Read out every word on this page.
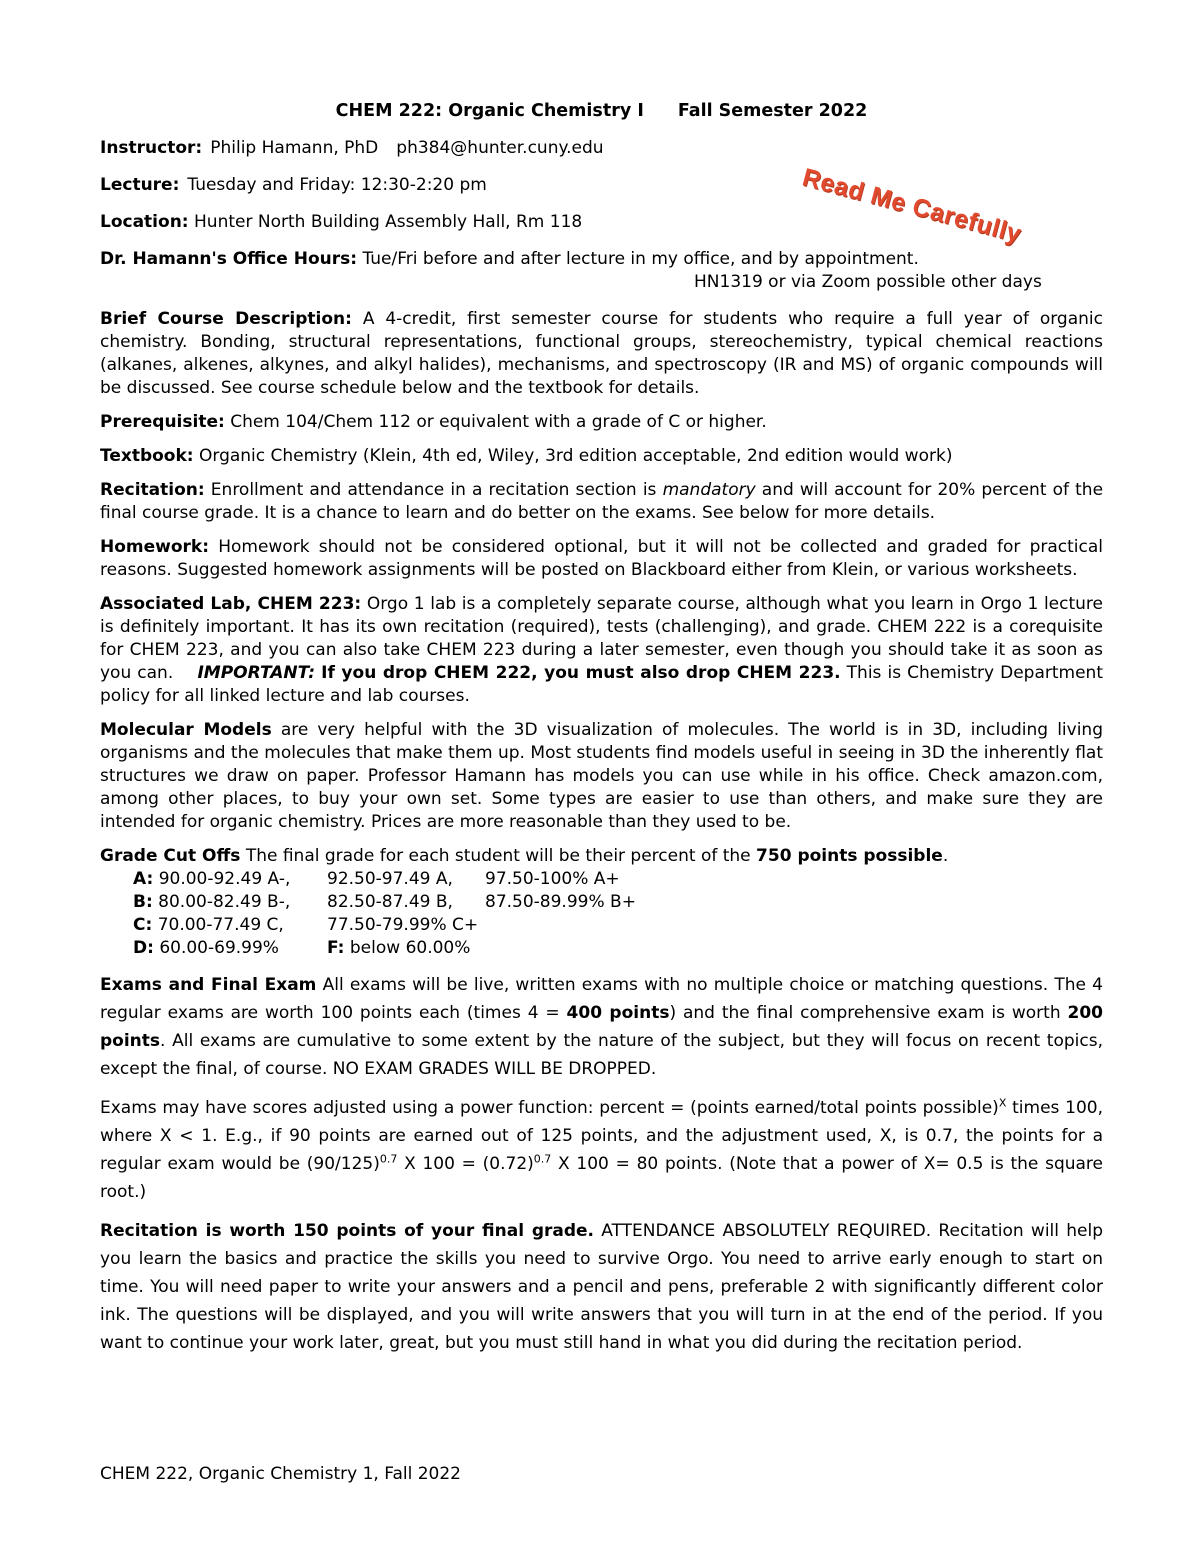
Read Me Carefully
CHEM 222: Organic Chemistry I Fall Semester 2022
Instructor: Philip Hamann, PhD ph384@hunter.cuny.edu
Lecture: Tuesday and Friday: 12:30-2:20 pm
Location: Hunter North Building Assembly Hall, Rm 118
Dr. Hamann's Office Hours: Tue/Fri before and after lecture in my office, and by appointment.
HN1319 or via Zoom possible other days

Brief Course Description: A 4-credit, first semester course for students who require a full year of organic chemistry. Bonding, structural representations, functional groups, stereochemistry, typical chemical reactions (alkanes, alkenes, alkynes, and alkyl halides), mechanisms, and spectroscopy (IR and MS) of organic compounds will be discussed. See course schedule below and the textbook for details.

Prerequisite: Chem 104/Chem 112 or equivalent with a grade of C or higher.

Textbook: Organic Chemistry (Klein, 4th ed, Wiley, 3rd edition acceptable, 2nd edition would work)

Recitation: Enrollment and attendance in a recitation section is mandatory and will account for 20% percent of the final course grade. It is a chance to learn and do better on the exams. See below for more details.

Homework: Homework should not be considered optional, but it will not be collected and graded for practical reasons. Suggested homework assignments will be posted on Blackboard either from Klein, or various worksheets.

Associated Lab, CHEM 223: Orgo 1 lab is a completely separate course, although what you learn in Orgo 1 lecture is definitely important. It has its own recitation (required), tests (challenging), and grade. CHEM 222 is a corequisite for CHEM 223, and you can also take CHEM 223 during a later semester, even though you should take it as soon as you can. IMPORTANT: If you drop CHEM 222, you must also drop CHEM 223. This is Chemistry Department policy for all linked lecture and lab courses.

Molecular Models are very helpful with the 3D visualization of molecules. The world is in 3D, including living organisms and the molecules that make them up. Most students find models useful in seeing in 3D the inherently flat structures we draw on paper. Professor Hamann has models you can use while in his office. Check amazon.com, among other places, to buy your own set. Some types are easier to use than others, and make sure they are intended for organic chemistry. Prices are more reasonable than they used to be.

Grade Cut Offs The final grade for each student will be their percent of the 750 points possible.
A: 90.00-92.49 A-,	92.50-97.49 A,	97.50-100% A+
B: 80.00-82.49 B-,	82.50-87.49 B,	87.50-89.99% B+
C: 70.00-77.49 C,	77.50-79.99% C+
D: 60.00-69.99%	F: below 60.00%

Exams and Final Exam All exams will be live, written exams with no multiple choice or matching questions. The 4 regular exams are worth 100 points each (times 4 = 400 points) and the final comprehensive exam is worth 200 points. All exams are cumulative to some extent by the nature of the subject, but they will focus on recent topics, except the final, of course. NO EXAM GRADES WILL BE DROPPED.

Exams may have scores adjusted using a power function: percent = (points earned/total points possible)$^X$ times 100, where X < 1. E.g., if 90 points are earned out of 125 points, and the adjustment used, X, is 0.7, the points for a regular exam would be $(90/125)^{0.7}$ X $100 = (0.72)^{0.7}$ X 100 = 80 points. (Note that a power of X= 0.5 is the square root.)

Recitation is worth 150 points of your final grade. ATTENDANCE ABSOLUTELY REQUIRED. Recitation will help you learn the basics and practice the skills you need to survive Orgo. You need to arrive early enough to start on time. You will need paper to write your answers and a pencil and pens, preferable 2 with significantly different color ink. The questions will be displayed, and you will write answers that you will turn in at the end of the period. If you want to continue your work later, great, but you must still hand in what you did during the recitation period.

CHEM 222, Organic Chemistry 1, Fall 2022
